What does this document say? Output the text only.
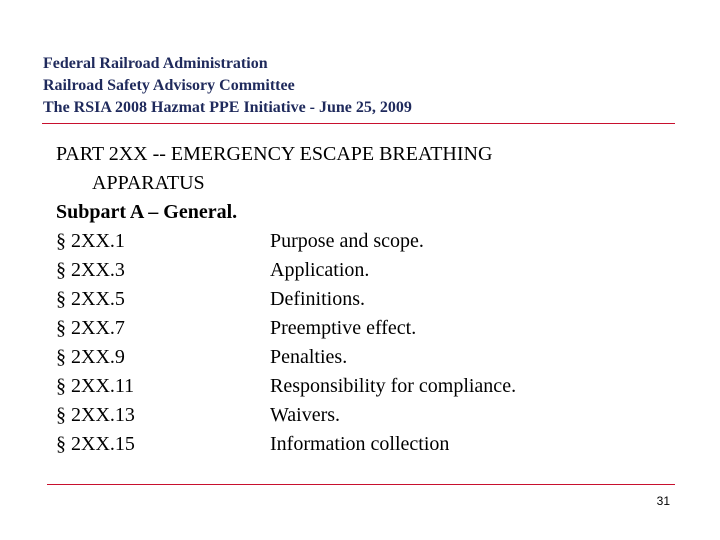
Federal Railroad Administration
Railroad Safety Advisory Committee
The RSIA 2008 Hazmat PPE Initiative - June 25, 2009
PART 2XX -- EMERGENCY ESCAPE BREATHING
APPARATUS
Subpart A – General.
§ 2XX.1	Purpose and scope.
§ 2XX.3	Application.
§ 2XX.5	Definitions.
§ 2XX.7	Preemptive effect.
§ 2XX.9	Penalties.
§ 2XX.11	Responsibility for compliance.
§ 2XX.13	Waivers.
§ 2XX.15	Information collection
31
